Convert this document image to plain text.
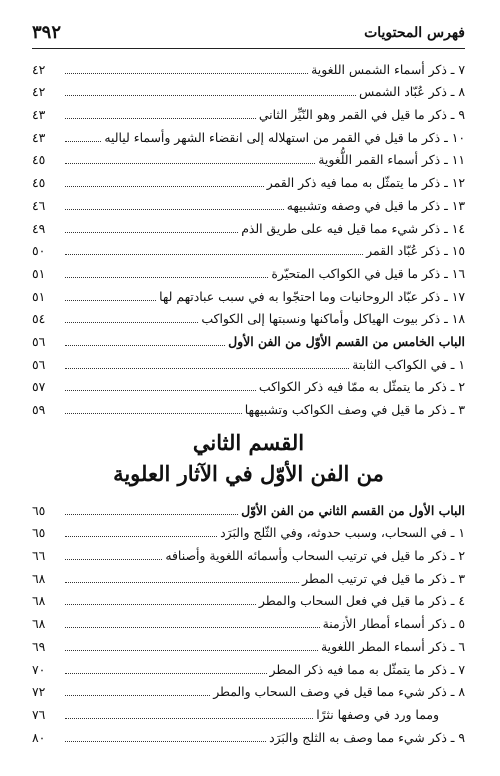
فهرس المحتويات
٣٩٢
٧ ـ ذكر أسماء الشمس اللغوية
٤٢
٨ ـ ذكر عُبّاد الشمس
٤٢
٩ ـ ذكر ما قيل في القمر وهو النّيِّر الثاني
٤٣
١٠ ـ ذكر ما قيل في القمر من استهلاله إلى انقضاء الشهر وأسماء لياليه
٤٣
١١ ـ ذكر أسماء القمر اللُّغوية
٤٥
١٢ ـ ذكر ما يتمثّل به مما فيه ذكر القمر
٤٥
١٣ ـ ذكر ما قيل في وصفه وتشبيهه
٤٦
١٤ ـ ذكر شيء مما قيل فيه على طريق الذم
٤٩
١٥ ـ ذكر عُبّاد القمر
٥٠
١٦ ـ ذكر ما قيل في الكواكب المتحيّرة
٥١
١٧ ـ ذكر عبّاد الروحانيات وما احتجّوا به في سبب عبادتهم لها
٥١
١٨ ـ ذكر بيوت الهياكل وأماكنها ونسبتها إلى الكواكب
٥٤
الباب الخامس من القسم الأوّل من الفن الأول
٥٦
١ ـ في الكواكب الثابتة
٥٦
٢ ـ ذكر ما يتمثّل به ممّا فيه ذكر الكواكب
٥٧
٣ ـ ذكر ما قيل في وصف الكواكب وتشبيهها
٥٩
القسم الثاني
من الفن الأوّل في الآثار العلوية
الباب الأول من القسم الثاني من الفن الأوّل
٦٥
١ ـ في السحاب، وسبب حدوثه، وفي الثّلج والبَرَد
٦٥
٢ ـ ذكر ما قيل في ترتيب السحاب وأسمائه اللغوية وأصنافه
٦٦
٣ ـ ذكر ما قيل في ترتيب المطر
٦٨
٤ ـ ذكر ما قيل في فعل السحاب والمطر
٦٨
٥ ـ ذكر أسماء أمطار الأزمنة
٦٨
٦ ـ ذكر أسماء المطر اللغوية
٦٩
٧ ـ ذكر ما يتمثّل به مما فيه ذكر المطر
٧٠
٨ ـ ذكر شيء مما قيل في وصف السحاب والمطر
٧٢
ومما ورد في وصفها نثرًا
٧٦
٩ ـ ذكر شيء مما وصف به الثلج والبَرَد
٨٠
